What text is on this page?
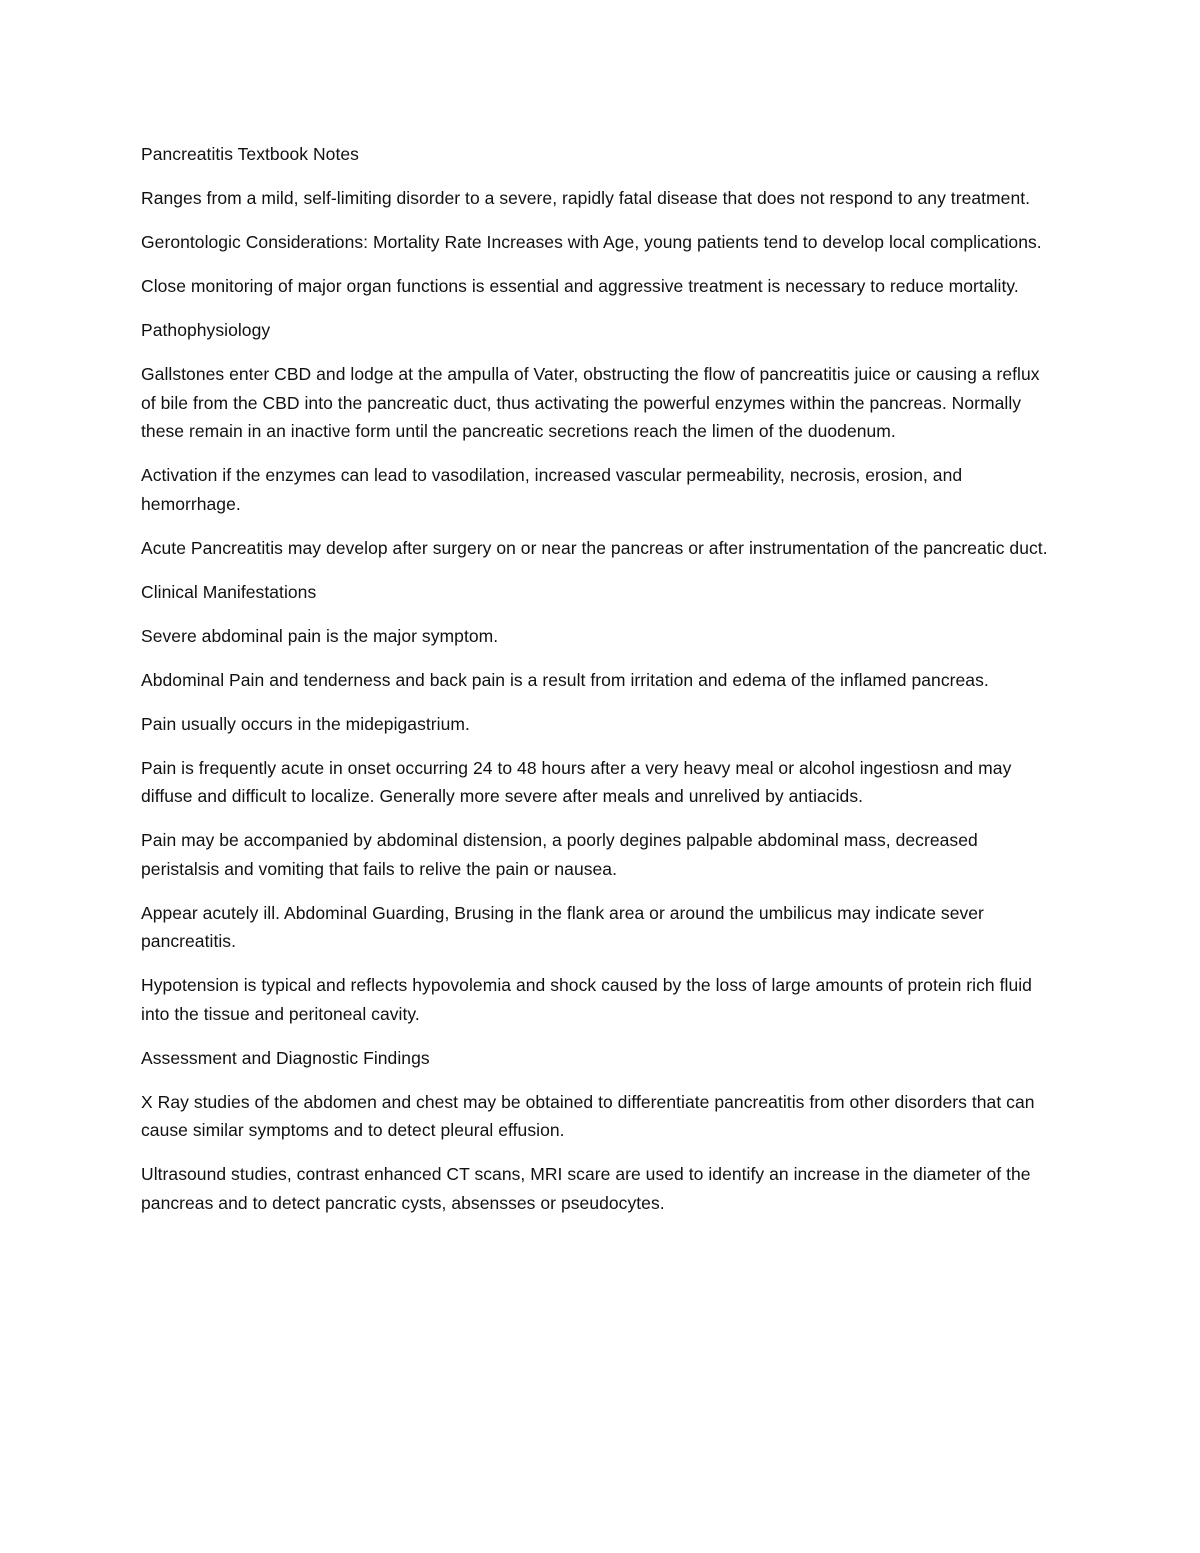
Pancreatitis Textbook Notes

Ranges from a mild, self-limiting disorder to a severe, rapidly fatal disease that does not respond to any treatment.

Gerontologic Considerations: Mortality Rate Increases with Age, young patients tend to develop local complications.

Close monitoring of major organ functions is essential and aggressive treatment is necessary to reduce mortality.

Pathophysiology

Gallstones enter CBD and lodge at the ampulla of Vater, obstructing the flow of pancreatitis juice or causing a reflux of bile from the CBD into the pancreatic duct, thus activating the powerful enzymes within the pancreas. Normally these remain in an inactive form until the pancreatic secretions reach the limen of the duodenum.

Activation if the enzymes can lead to vasodilation, increased vascular permeability, necrosis, erosion, and hemorrhage.

Acute Pancreatitis may develop after surgery on or near the pancreas or after instrumentation of the pancreatic duct.

Clinical Manifestations

Severe abdominal pain is the major symptom.

Abdominal Pain and tenderness and back pain is a result from irritation and edema of the inflamed pancreas.

Pain usually occurs in the midepigastrium.

Pain is frequently acute in onset occurring 24 to 48 hours after a very heavy meal or alcohol ingestiosn and may diffuse and difficult to localize. Generally more severe after meals and unrelived by antiacids.

Pain may be accompanied by abdominal distension, a poorly degines palpable abdominal mass, decreased peristalsis and vomiting that fails to relive the pain or nausea.

Appear acutely ill. Abdominal Guarding, Brusing in the flank area or around the umbilicus may indicate sever pancreatitis.

Hypotension is typical and reflects hypovolemia and shock caused by the loss of large amounts of protein rich fluid into the tissue and peritoneal cavity.

Assessment and Diagnostic Findings

X Ray studies of the abdomen and chest may be obtained to differentiate pancreatitis from other disorders that can cause similar symptoms and to detect pleural effusion.

Ultrasound studies, contrast enhanced CT scans, MRI scare are used to identify an increase in the diameter of the pancreas and to detect pancratic cysts, absensses or pseudocytes.
